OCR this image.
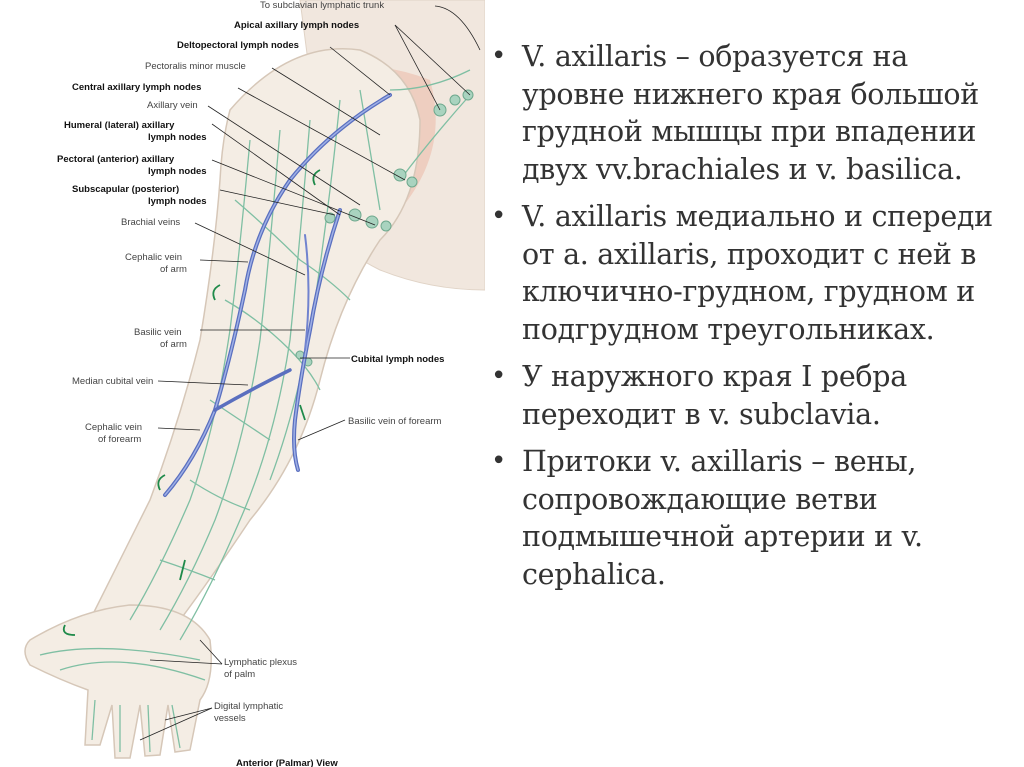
To subclavian lymphatic trunk
Apical axillary lymph nodes
Deltopectoral lymph nodes
Pectoralis minor muscle
Central axillary lymph nodes
Axillary vein
Humeral (lateral) axillary
lymph nodes
Pectoral (anterior) axillary
lymph nodes
Subscapular (posterior)
lymph nodes
Brachial veins
Cephalic vein
of arm
Basilic vein
of arm
Cubital lymph nodes
Median cubital vein
Basilic vein of forearm
Cephalic vein
of forearm
Lymphatic plexus
of palm
Digital lymphatic
vessels
Anterior (Palmar) View
• V. axillaris – образуется на уровне нижнего края большой грудной мышцы при впадении двух vv.brachiales и v. basilica.
• V. axillaris медиально и спереди от a. axillaris, проходит с ней в ключично-грудном, грудном и подгрудном треугольниках.
• У наружного края I ребра переходит в v. subclavia.
• Притоки v. axillaris – вены, сопровождающие ветви подмышечной артерии и v. cephalica.
